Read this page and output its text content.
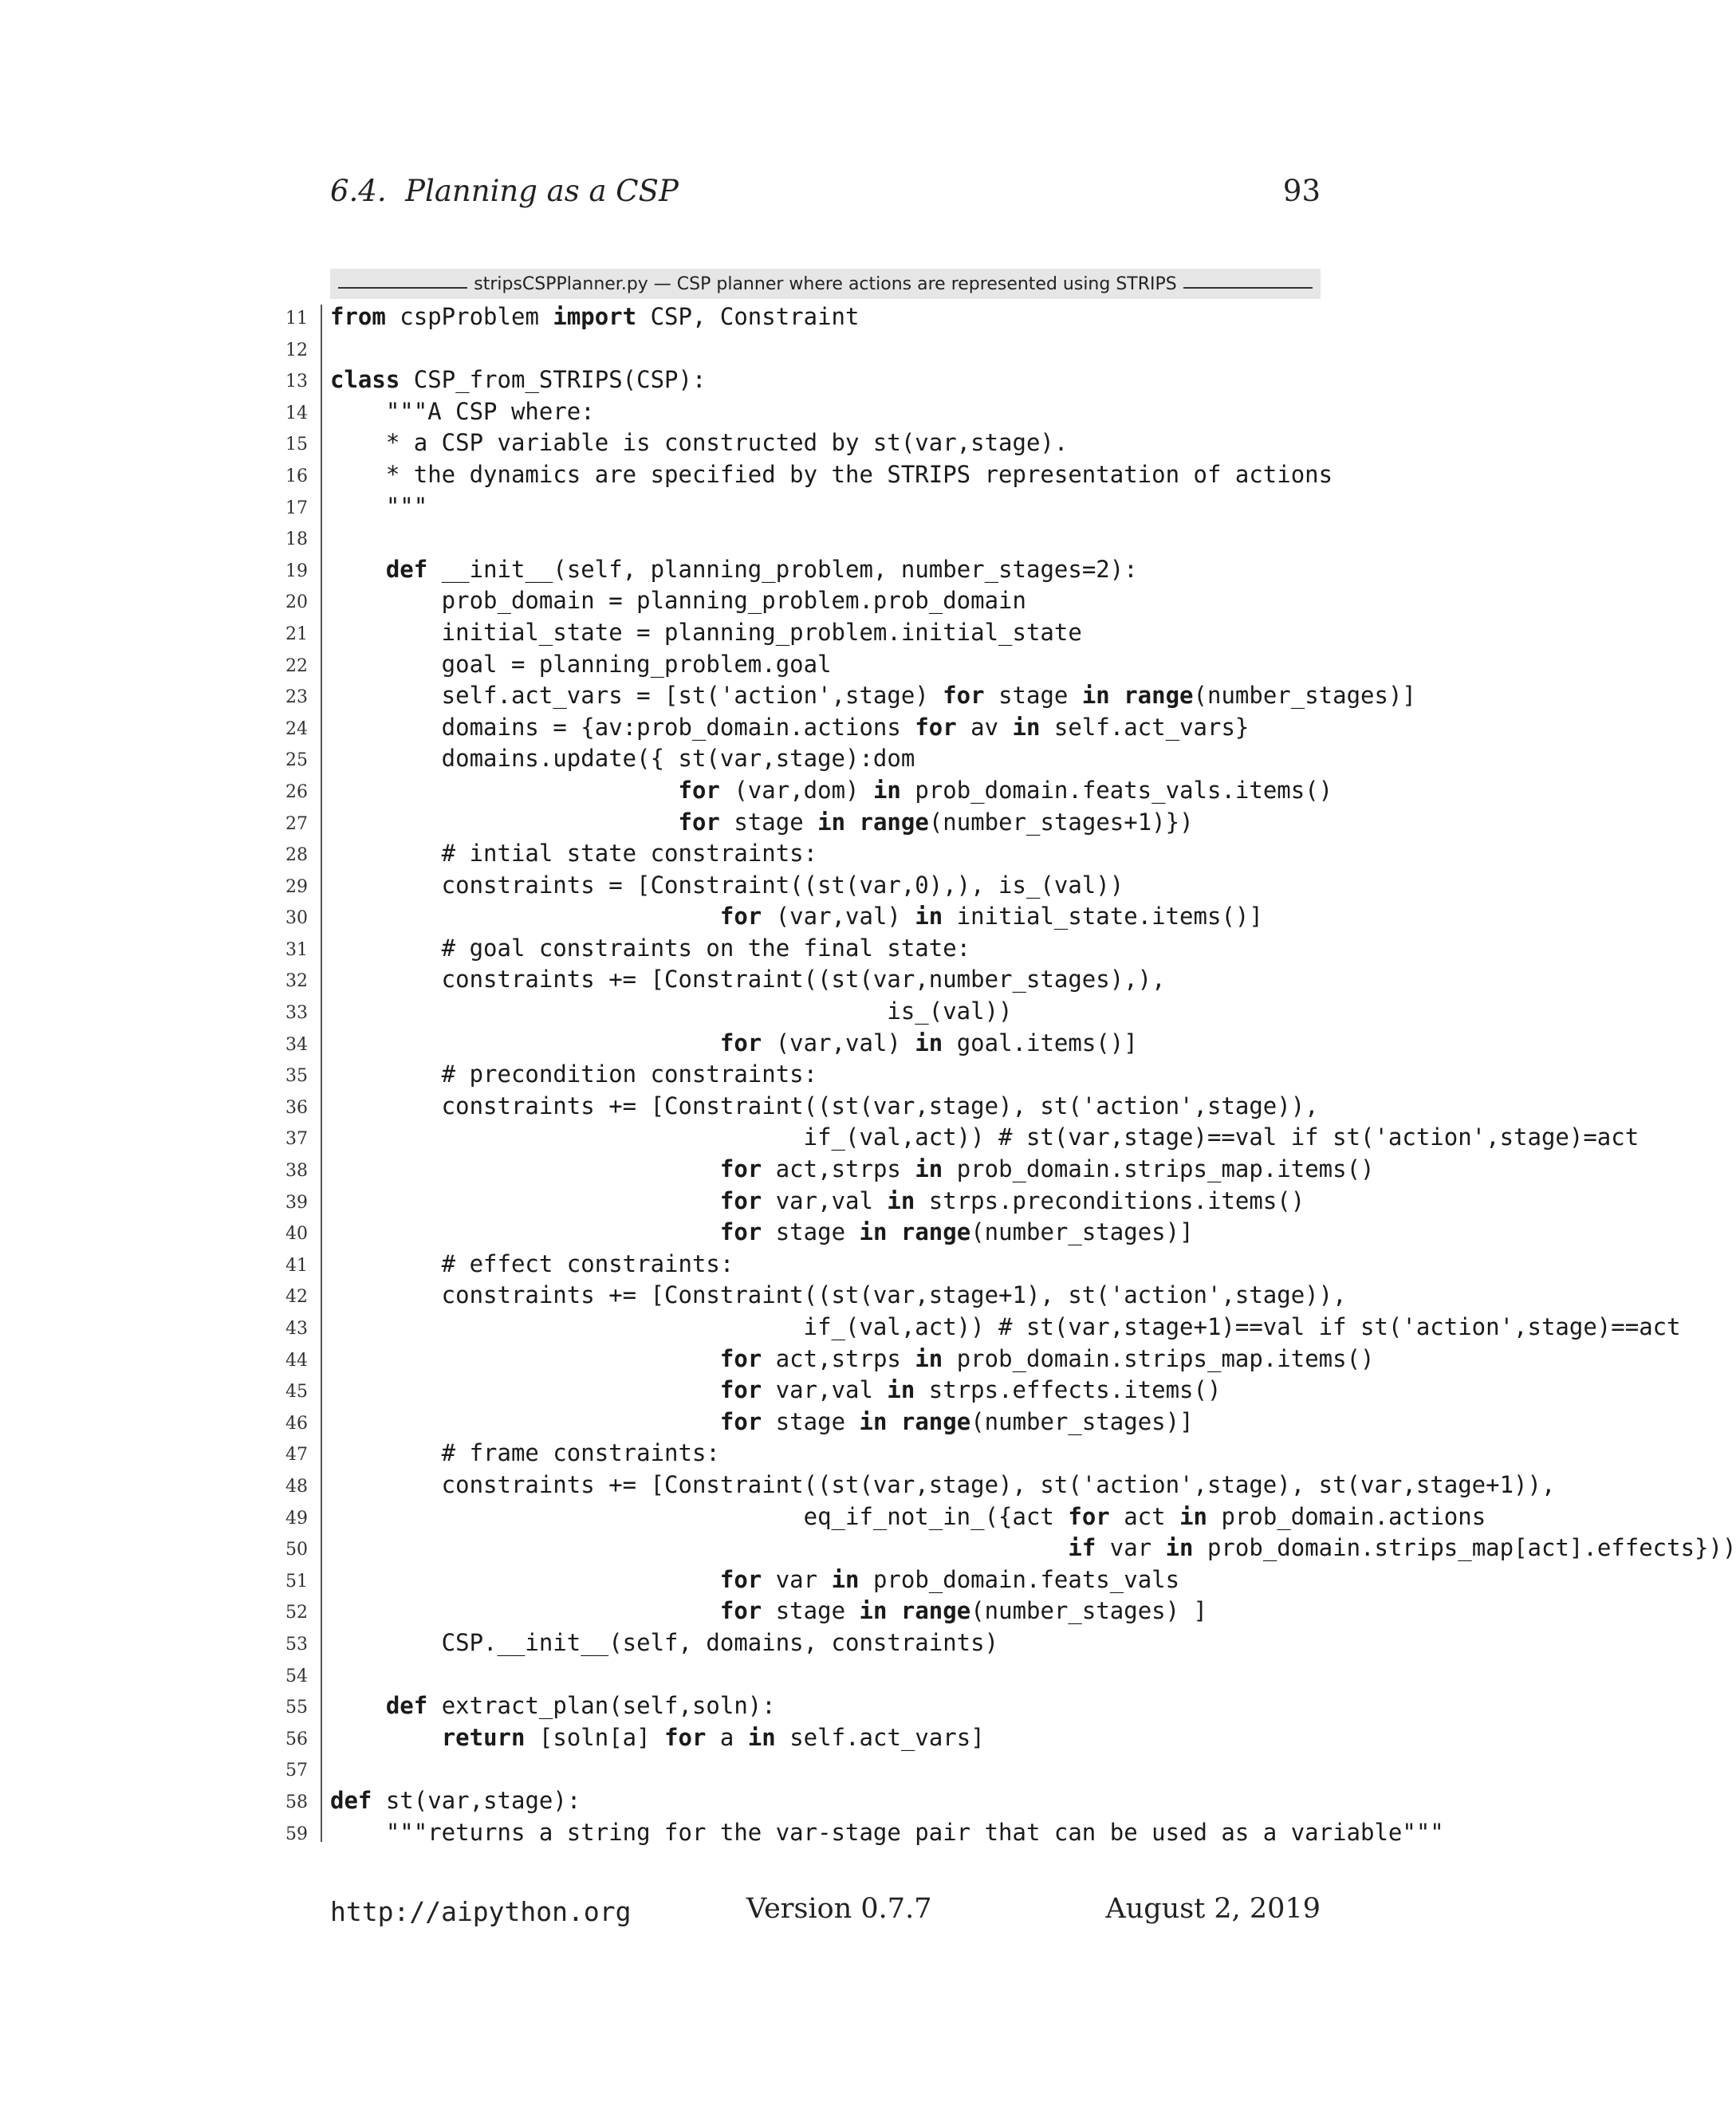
6.4.  Planning as a CSP	93
stripsCSPPlanner.py — CSP planner where actions are represented using STRIPS
11 from cspProblem import CSP, Constraint
12
13 class CSP_from_STRIPS(CSP):
14 """A CSP where:
15 * a CSP variable is constructed by st(var,stage).
16 * the dynamics are specified by the STRIPS representation of actions
17 """
18
19	def __init__(self, planning_problem, number_stages=2):
20 prob_domain = planning_problem.prob_domain
21 initial_state = planning_problem.initial_state
22 goal = planning_problem.goal
23 self.act_vars = [st('action',stage) for stage in range(number_stages)]
24 domains = {av:prob_domain.actions for av in self.act_vars}
25 domains.update({ st(var,stage):dom
26	for (var,dom) in prob_domain.feats_vals.items()
27	for stage in range(number_stages+1)})
28 # intial state constraints:
29 constraints = [Constraint((st(var,0),), is_(val))
30	for (var,val) in initial_state.items()]
31 # goal constraints on the final state:
32 constraints += [Constraint((st(var,number_stages),),
33 is_(val))
34	for (var,val) in goal.items()]
35 # precondition constraints:
36 constraints += [Constraint((st(var,stage), st('action',stage)),
37 if_(val,act)) # st(var,stage)==val if st('action',stage)=act
38	for act,strps in prob_domain.strips_map.items()
39	for var,val in strps.preconditions.items()
40	for stage in range(number_stages)]
41 # effect constraints:
42 constraints += [Constraint((st(var,stage+1), st('action',stage)),
43 if_(val,act)) # st(var,stage+1)==val if st('action',stage)==act
44	for act,strps in prob_domain.strips_map.items()
45	for var,val in strps.effects.items()
46	for stage in range(number_stages)]
47 # frame constraints:
48 constraints += [Constraint((st(var,stage), st('action',stage), st(var,stage+1)),
49 eq_if_not_in_({act for act in prob_domain.actions
50	if var in prob_domain.strips_map[act].effects}))
51	for var in prob_domain.feats_vals
52	for stage in range(number_stages) ]
53 CSP.__init__(self, domains, constraints)
54
55	def extract_plan(self,soln):
56	return [soln[a] for a in self.act_vars]
57
58 def st(var,stage):
59 """returns a string for the var-stage pair that can be used as a variable"""
http://aipython.org	Version 0.7.7	August 2, 2019
